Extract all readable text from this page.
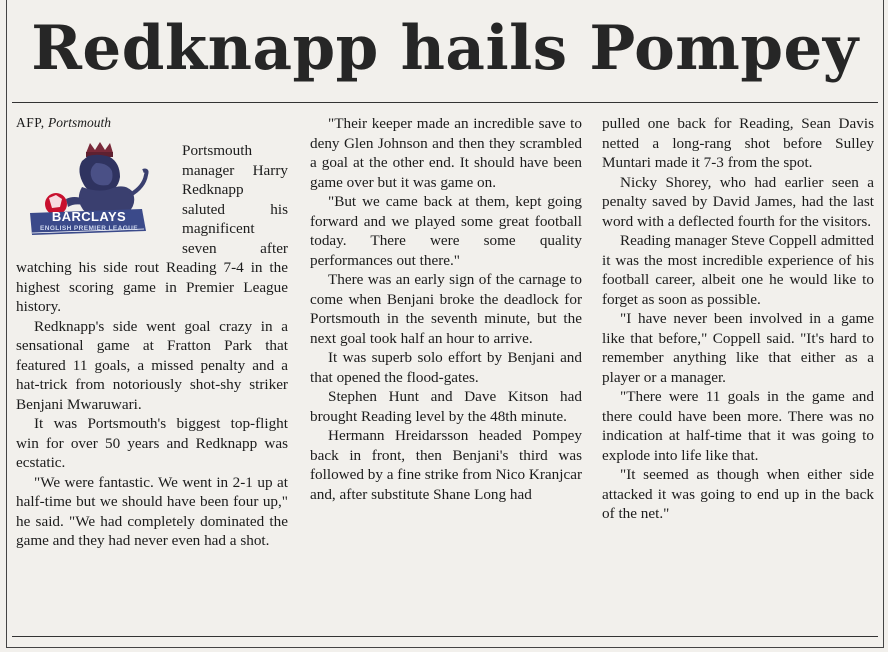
Redknapp hails Pompey
AFP, Portsmouth
BARCLAYS
ENGLISH PREMIER LEAGUE

Portsmouth manager Harry Redknapp saluted his magnificent seven after watching his side rout Reading 7-4 in the highest scoring game in Premier League history.

Redknapp's side went goal crazy in a sensational game at Fratton Park that featured 11 goals, a missed penalty and a hat-trick from notoriously shot-shy striker Benjani Mwaruwari.

It was Portsmouth's biggest top-flight win for over 50 years and Redknapp was ecstatic.

"We were fantastic. We went in 2-1 up at half-time but we should have been four up," he said. "We had completely dominated the game and they had never even had a shot.

"Their keeper made an incredible save to deny Glen Johnson and then they scrambled a goal at the other end. It should have been game over but it was game on.

"But we came back at them, kept going forward and we played some great football today. There were some quality performances out there."

There was an early sign of the carnage to come when Benjani broke the deadlock for Portsmouth in the seventh minute, but the next goal took half an hour to arrive.

It was superb solo effort by Benjani and that opened the flood-gates.

Stephen Hunt and Dave Kitson had brought Reading level by the 48th minute.

Hermann Hreidarsson headed Pompey back in front, then Benjani's third was followed by a fine strike from Nico Kranjcar and, after substitute Shane Long had

pulled one back for Reading, Sean Davis netted a long-rang shot before Sulley Muntari made it 7-3 from the spot.

Nicky Shorey, who had earlier seen a penalty saved by David James, had the last word with a deflected fourth for the visitors.

Reading manager Steve Coppell admitted it was the most incredible experience of his football career, albeit one he would like to forget as soon as possible.

"I have never been involved in a game like that before," Coppell said. "It's hard to remember anything like that either as a player or a manager.

"There were 11 goals in the game and there could have been more. There was no indication at half-time that it was going to explode into life like that.

"It seemed as though when either side attacked it was going to end up in the back of the net."
